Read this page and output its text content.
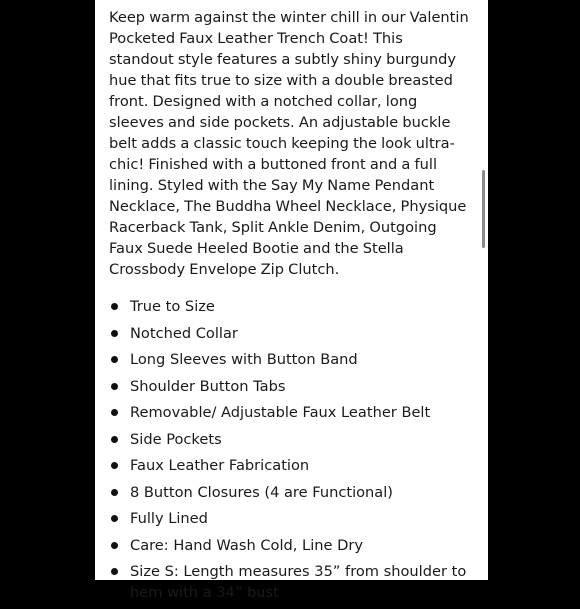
Keep warm against the winter chill in our Valentin Pocketed Faux Leather Trench Coat! This standout style features a subtly shiny burgundy hue that fits true to size with a double breasted front. Designed with a notched collar, long sleeves and side pockets. An adjustable buckle belt adds a classic touch keeping the look ultra-chic! Finished with a buttoned front and a full lining. Styled with the Say My Name Pendant Necklace, The Buddha Wheel Necklace, Physique Racerback Tank, Split Ankle Denim, Outgoing Faux Suede Heeled Bootie and the Stella Crossbody Envelope Zip Clutch.

True to Size
Notched Collar
Long Sleeves with Button Band
Shoulder Button Tabs
Removable/ Adjustable Faux Leather Belt
Side Pockets
Faux Leather Fabrication
8 Button Closures (4 are Functional)
Fully Lined
Care: Hand Wash Cold, Line Dry
Size S: Length measures 35” from shoulder to hem with a 34” bust
